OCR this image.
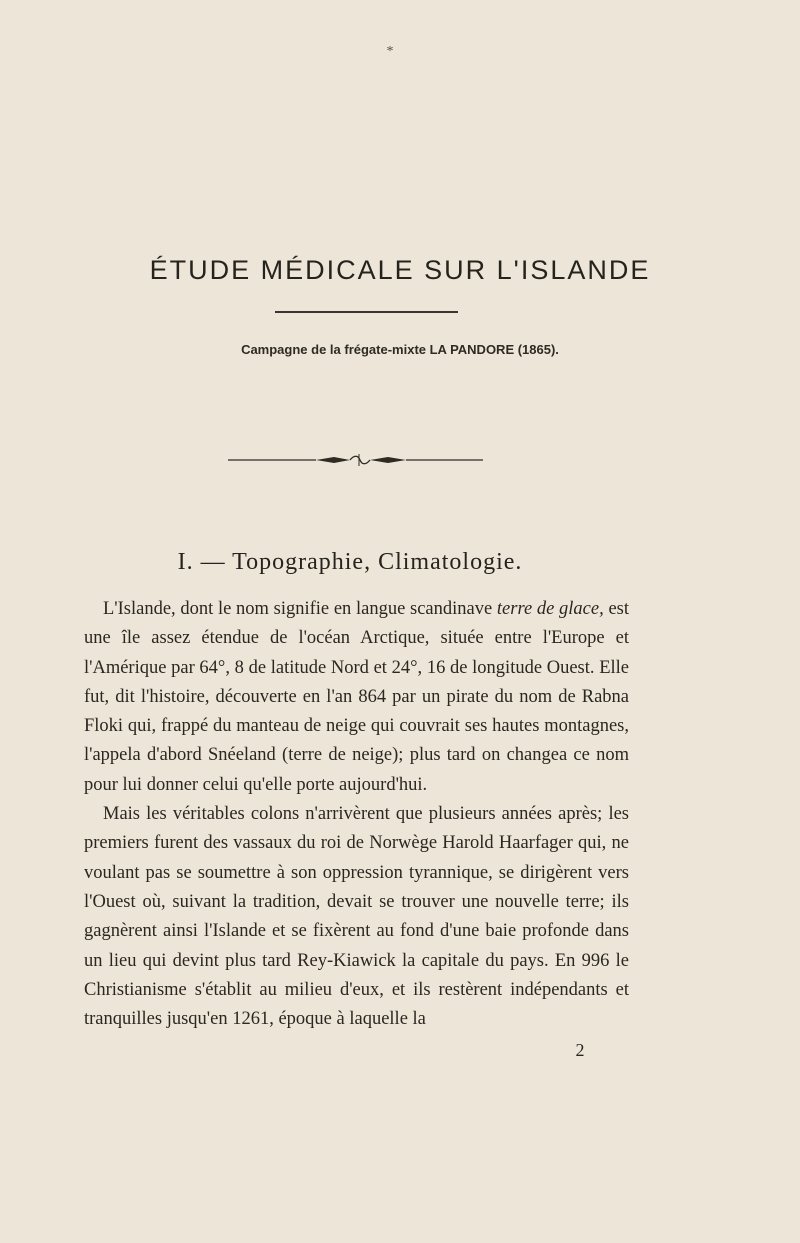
*
ÉTUDE MÉDICALE SUR L'ISLANDE
Campagne de la frégate-mixte LA PANDORE (1865).
I. — Topographie, Climatologie.

L'Islande, dont le nom signifie en langue scandinave terre de glace, est une île assez étendue de l'océan Arctique, située entre l'Europe et l'Amérique par 64°, 8 de latitude Nord et 24°, 16 de longitude Ouest. Elle fut, dit l'histoire, découverte en l'an 864 par un pirate du nom de Rabna Floki qui, frappé du manteau de neige qui couvrait ses hautes montagnes, l'appela d'abord Snéeland (terre de neige); plus tard on changea ce nom pour lui donner celui qu'elle porte aujourd'hui.

Mais les véritables colons n'arrivèrent que plusieurs années après; les premiers furent des vassaux du roi de Norwège Harold Haarfager qui, ne voulant pas se soumettre à son oppression tyrannique, se dirigèrent vers l'Ouest où, suivant la tradition, devait se trouver une nouvelle terre; ils gagnèrent ainsi l'Islande et se fixèrent au fond d'une baie profonde dans un lieu qui devint plus tard Rey-Kiawick la capitale du pays. En 996 le Christianisme s'établit au milieu d'eux, et ils restèrent indépendants et tranquilles jusqu'en 1261, époque à laquelle la

2
